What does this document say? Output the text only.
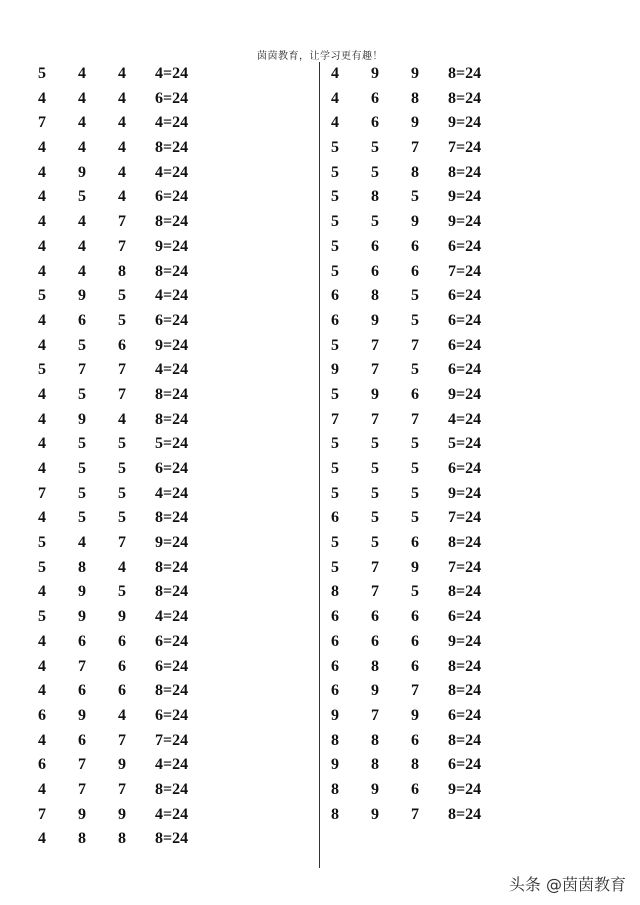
茵茵教育，让学习更有趣！
5 4 4 4=24
4 4 4 6=24
7 4 4 4=24
4 4 4 8=24
4 9 4 4=24
4 5 4 6=24
4 4 7 8=24
4 4 7 9=24
4 4 8 8=24
5 9 5 4=24
4 6 5 6=24
4 5 6 9=24
5 7 7 4=24
4 5 7 8=24
4 9 4 8=24
4 5 5 5=24
4 5 5 6=24
7 5 5 4=24
4 5 5 8=24
5 4 7 9=24
5 8 4 8=24
4 9 5 8=24
5 9 9 4=24
4 6 6 6=24
4 7 6 6=24
4 6 6 8=24
6 9 4 6=24
4 6 7 7=24
6 7 9 4=24
4 7 7 8=24
7 9 9 4=24
4 8 8 8=24
4 9 9 8=24
4 6 8 8=24
4 6 9 9=24
5 5 7 7=24
5 5 8 8=24
5 8 5 9=24
5 5 9 9=24
5 6 6 6=24
5 6 6 7=24
6 8 5 6=24
6 9 5 6=24
5 7 7 6=24
9 7 5 6=24
5 9 6 9=24
7 7 7 4=24
5 5 5 5=24
5 5 5 6=24
5 5 5 9=24
6 5 5 7=24
5 5 6 8=24
5 7 9 7=24
8 7 5 8=24
6 6 6 6=24
6 6 6 9=24
6 8 6 8=24
6 9 7 8=24
9 7 9 6=24
8 8 6 8=24
9 8 8 6=24
8 9 6 9=24
8 9 7 8=24
头条 @茵茵教育
